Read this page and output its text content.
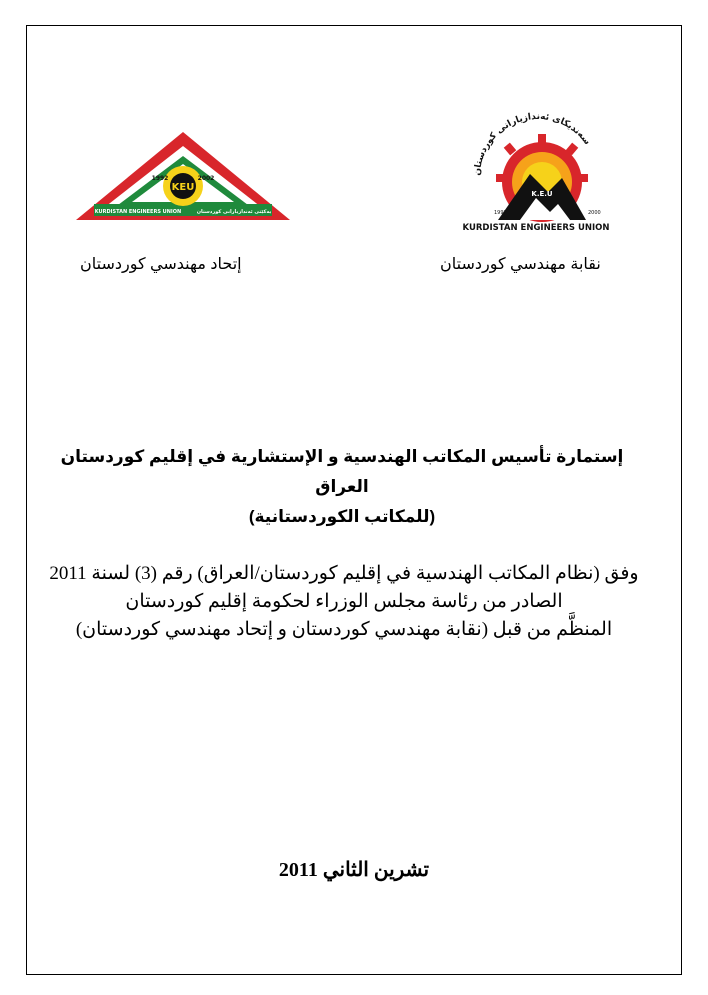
سەندیکای ئەندازیارانی کوردستان
K.E.U
1992	2000
KURDISTAN ENGINEERS UNION
KEU
1992	2002
KURDISTAN ENGINEERS UNION	یەکێتی ئەندازیارانی کوردستان
نقابة مهندسي كوردستان
إتحاد مهندسي كوردستان
إستمارة تأسيس المكاتب الهندسية و الإستشارية في إقليم كوردستان العراق
(للمكاتب الكوردستانية)
وفق (نظام المكاتب الهندسية في إقليم كوردستان/العراق) رقم (3) لسنة 2011
الصادر من رئاسة مجلس الوزراء لحكومة إقليم كوردستان
المنظَّم من قبل (نقابة مهندسي كوردستان و إتحاد مهندسي كوردستان)
تشرين الثاني 2011
